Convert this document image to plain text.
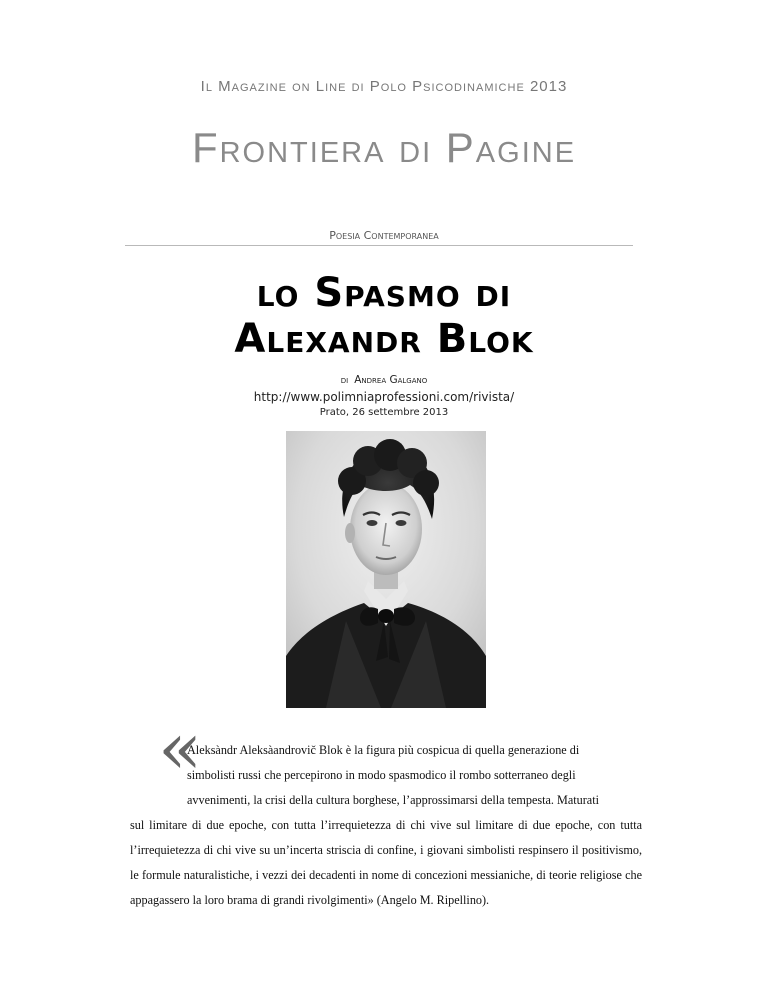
Il Magazine on Line di Polo Psicodinamiche 2013
Frontiera di Pagine
Poesia Contemporanea
lo Spasmo di
Alexandr Blok
di Andrea Galgano
http://www.polimniaprofessioni.com/rivista/
Prato, 26 settembre 2013
«
Aleksàndr Aleksàandrovič Blok è la figura più cospicua di quella generazione di
simbolisti russi che percepirono in modo spasmodico il rombo sotterraneo degli
avvenimenti, la crisi della cultura borghese, l’approssimarsi della tempesta. Maturati
sul limitare di due epoche, con tutta l’irrequietezza di chi vive sul limitare di due epoche, con tutta l’irrequietezza di chi vive su un’incerta striscia di confine, i giovani simbolisti respinsero il positivismo, le formule naturalistiche, i vezzi dei decadenti in nome di concezioni messianiche, di teorie religiose che appagassero la loro brama di grandi rivolgimenti» (Angelo M. Ripellino).
